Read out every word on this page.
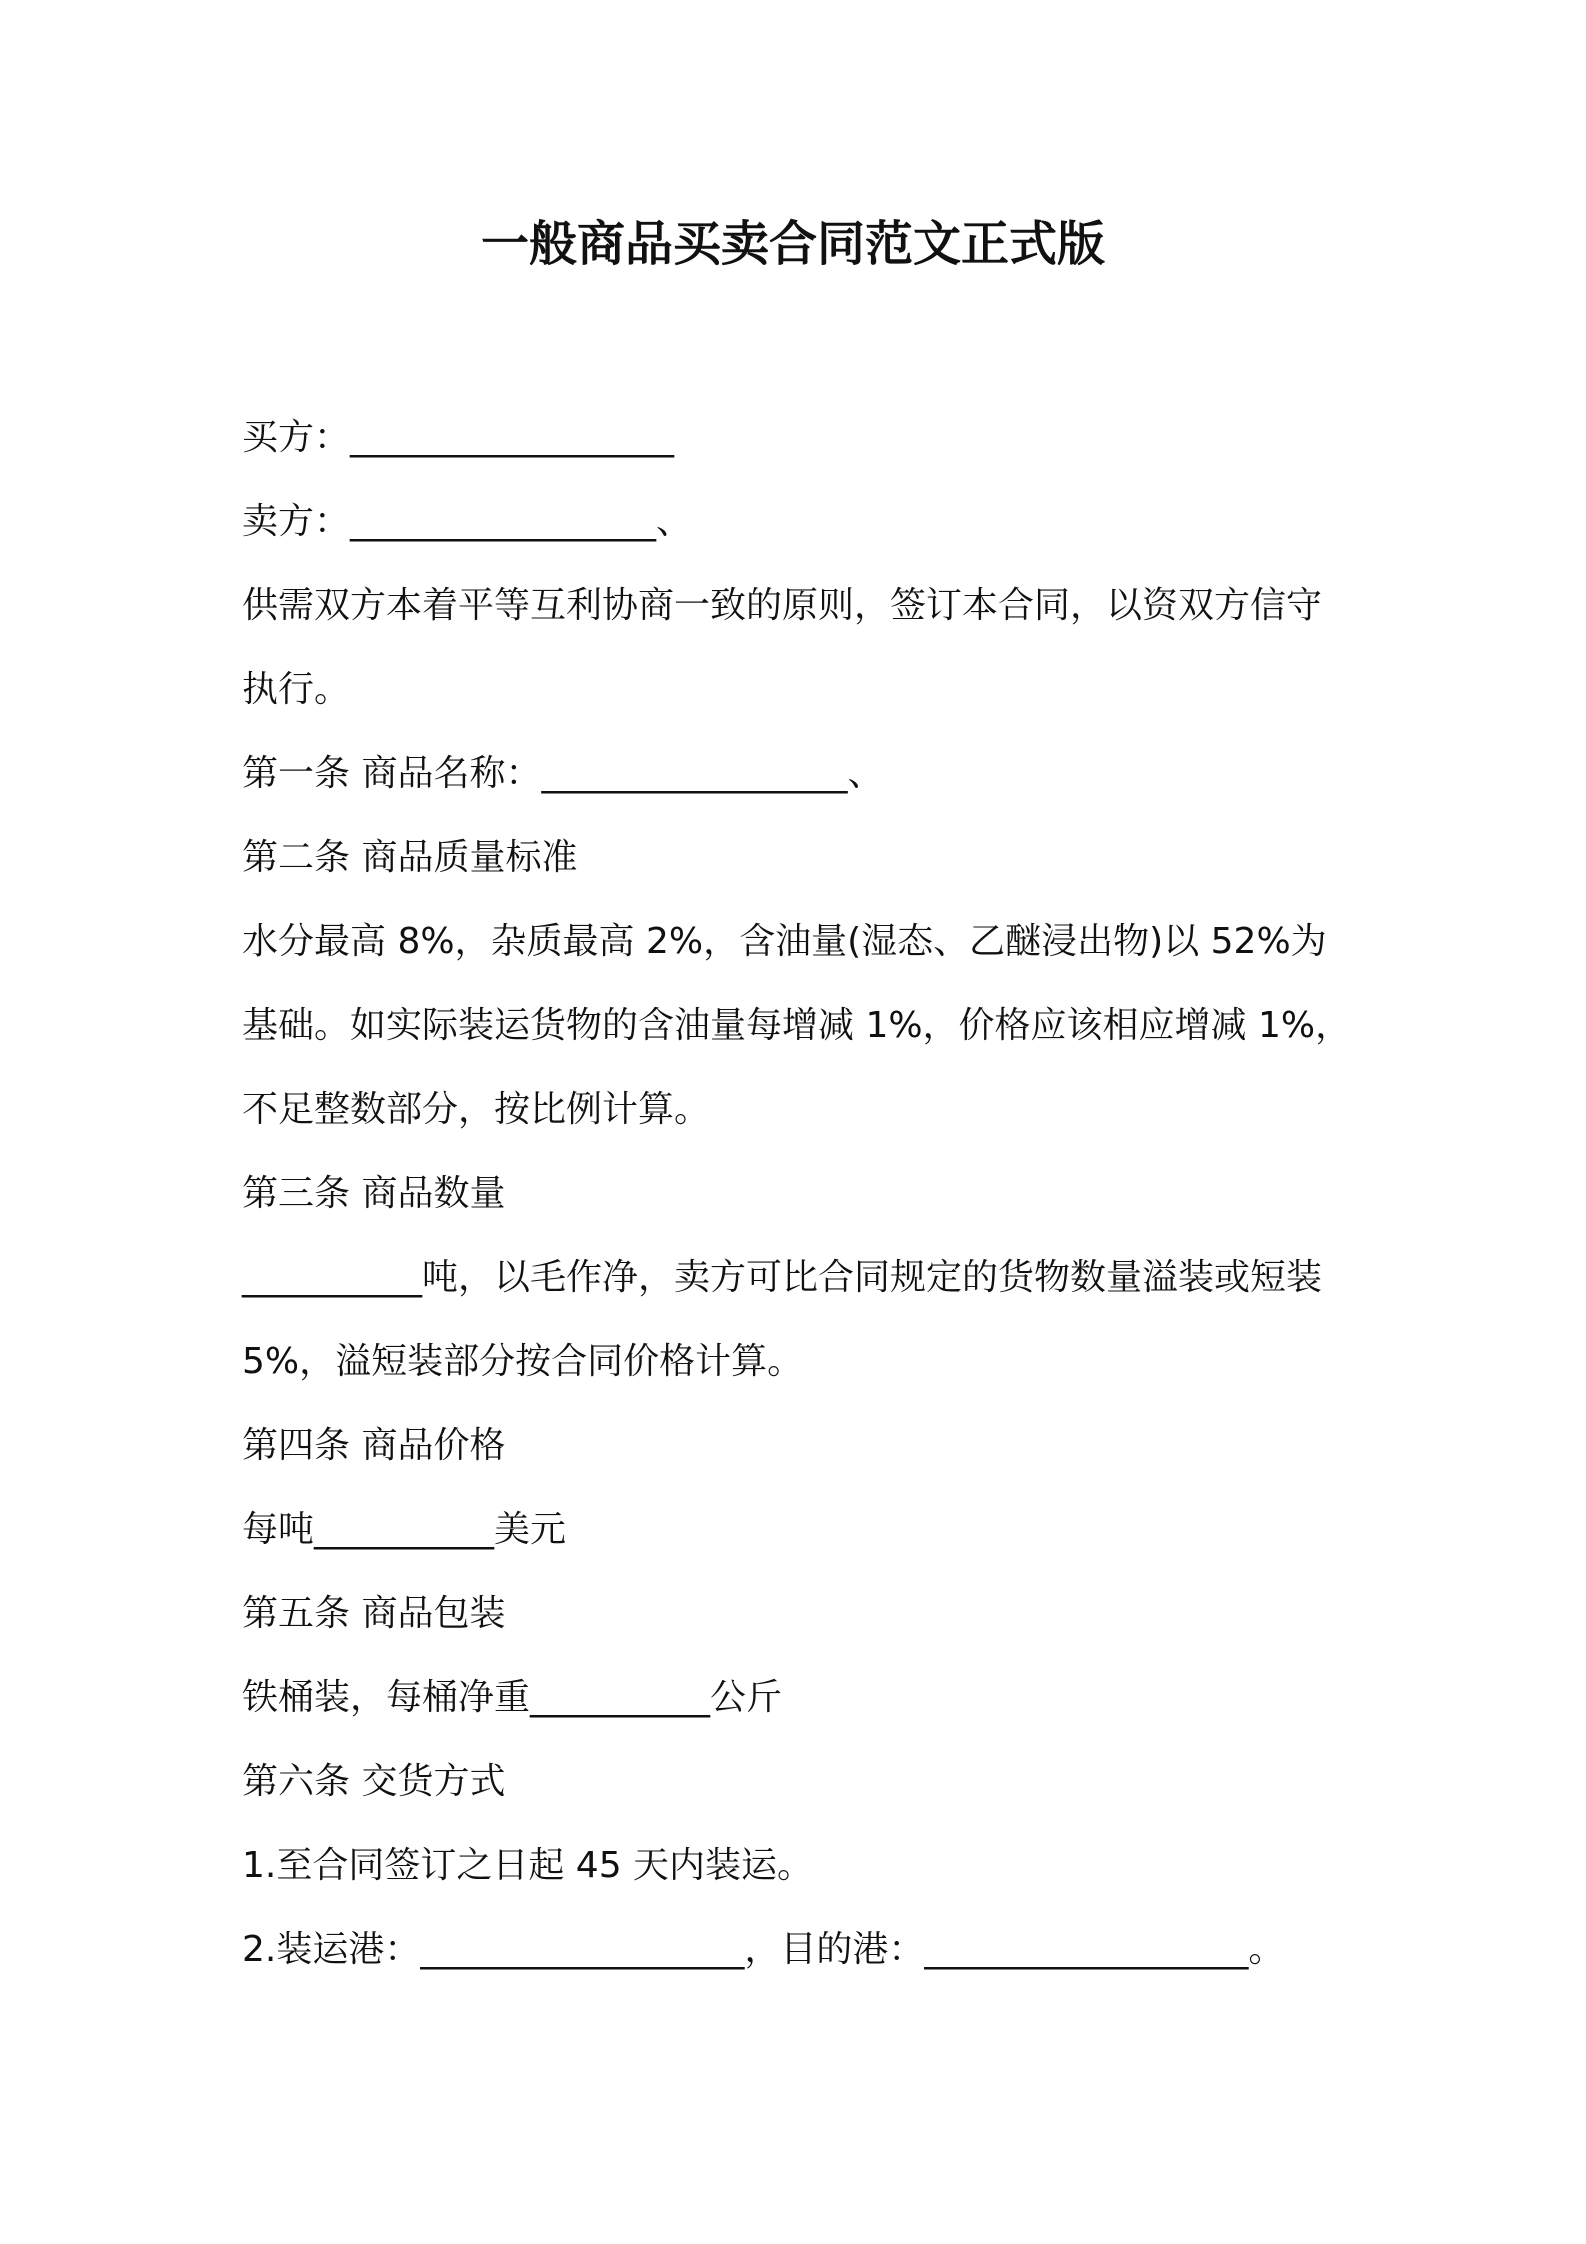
一般商品买卖合同范文正式版
买方：__________________
卖方：_________________、
供需双方本着平等互利协商一致的原则，签订本合同，以资双方信守
执行。
第一条 商品名称：_________________、
第二条 商品质量标准
水分最高 8%，杂质最高 2%，含油量(湿态、乙醚浸出物)以 52%为
基础。如实际装运货物的含油量每增减 1%，价格应该相应增减 1%，
不足整数部分，按比例计算。
第三条 商品数量
__________吨，以毛作净，卖方可比合同规定的货物数量溢装或短装
5%，溢短装部分按合同价格计算。
第四条 商品价格
每吨__________美元
第五条 商品包装
铁桶装，每桶净重__________公斤
第六条 交货方式
1.至合同签订之日起 45 天内装运。
2.装运港：__________________，目的港：__________________。
